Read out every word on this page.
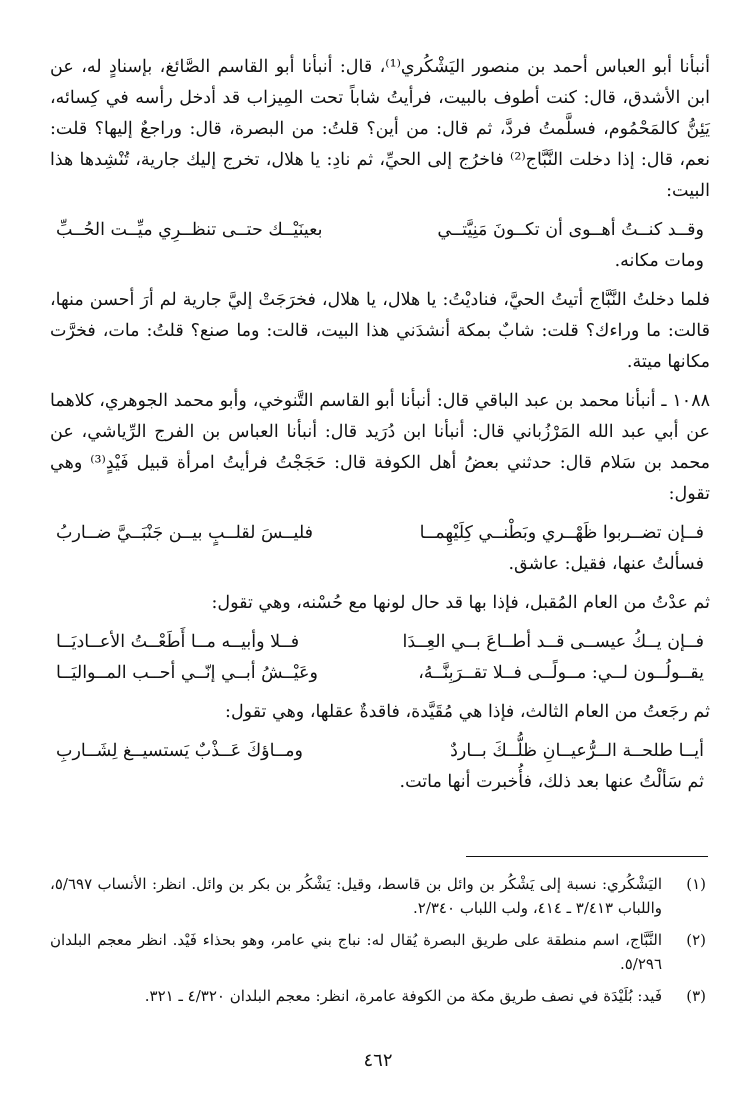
أنبأنا أبو العباس أحمد بن منصور اليَشْكُري⁽¹⁾، قال: أنبأنا أبو القاسم الصَّائغ، بإسنادٍ له، عن ابن الأشدق، قال: كنت أطوف بالبيت، فرأيتُ شاباً تحت المِيزاب قد أدخل رأسه في كِسائه، يَئِنُّ كالمَحْمُوم، فسلَّمتُ فردَّ، ثم قال: من أين؟ قلتُ: من البصرة، قال: وراجعٌ إليها؟ قلت: نعم، قال: إذا دخلت النَّبَّاج⁽²⁾ فاخرُج إلى الحيِّ، ثم نادِ: يا هلال، تخرج إليك جارية، تُنْشِدها هذا البيت:

وقــد كنــتُ أهــوى أن تكــونَ مَنِيَّتــي
بعينَيْــك حتــى تنظــرِي ميِّــت الحُــبِّ

ومات مكانه.

فلما دخلتُ النَّبَّاج أتيتُ الحيَّ، فناديْتُ: يا هلال، يا هلال، فخرَجَتْ إليَّ جارية لم أرَ أحسن منها، قالت: ما وراءك؟ قلت: شابٌ بمكة أنشدَني هذا البيت، قالت: وما صنع؟ قلتُ: مات، فخرَّت مكانها ميتة.

١٠٨٨ ـ أنبأنا محمد بن عبد الباقي قال: أنبأنا أبو القاسم التَّنوخي، وأبو محمد الجوهري، كلاهما عن أبي عبد الله المَرْزُباني قال: أنبأنا ابن دُرَيد قال: أنبأنا العباس بن الفرج الرِّياشي، عن محمد بن سَلام قال: حدثني بعضُ أهل الكوفة قال: حَجَجْتُ فرأيتُ امرأة قبيل فَيْدٍ⁽³⁾ وهي تقول:

فــإن تضــربوا ظَهْــري وبَطْنــي كِلَيْهِمــا
فليــسَ لقلــبٍ بيــن جَنْبَــيَّ ضــاربُ

فسألتُ عنها، فقيل: عاشق.

ثم عدْتُ من العام المُقبل، فإذا بها قد حال لونها مع حُسْنه، وهي تقول:

فــإن يــكُ عيســى قــد أطــاعَ بــي العِــدَا
فــلا وأبيــه مــا أَطَعْــتُ الأعــاديَــا
يقــولُــون لــي: مــولًــى فــلا تقــرَبِنَّــهُ،
وعَيْــشُ أبــي إنّــي أحــب المــواليَــا

ثم رجَعتُ من العام الثالث، فإذا هي مُقَيَّدة، فاقدةٌ عقلها، وهي تقول:

أيــا طلحــة الــرُّعيــانِ ظلُّــكَ بــاردٌ
ومــاؤكَ عَــذْبٌ يَستسيــغ لِشَــاربِ

ثم سَألْتُ عنها بعد ذلك، فأُخبرت أنها ماتت.

(١)
اليَشْكُري: نسبة إلى يَشْكُر بن وائل بن قاسط، وقيل: يَشْكُر بن بكر بن وائل. انظر: الأنساب ٥/٦٩٧، واللباب ٣/٤١٣ ـ ٤١٤، ولب اللباب ٢/٣٤٠.
(٢)
النَّبَّاج، اسم منطقة على طريق البصرة يُقال له: نباج بني عامر، وهو بحذاء فَيْد. انظر معجم البلدان ٥/٢٩٦.
(٣)
فَيد: بُلَيْدَة في نصف طريق مكة من الكوفة عامرة، انظر: معجم البلدان ٤/٣٢٠ ـ ٣٢١.
٤٦٢
